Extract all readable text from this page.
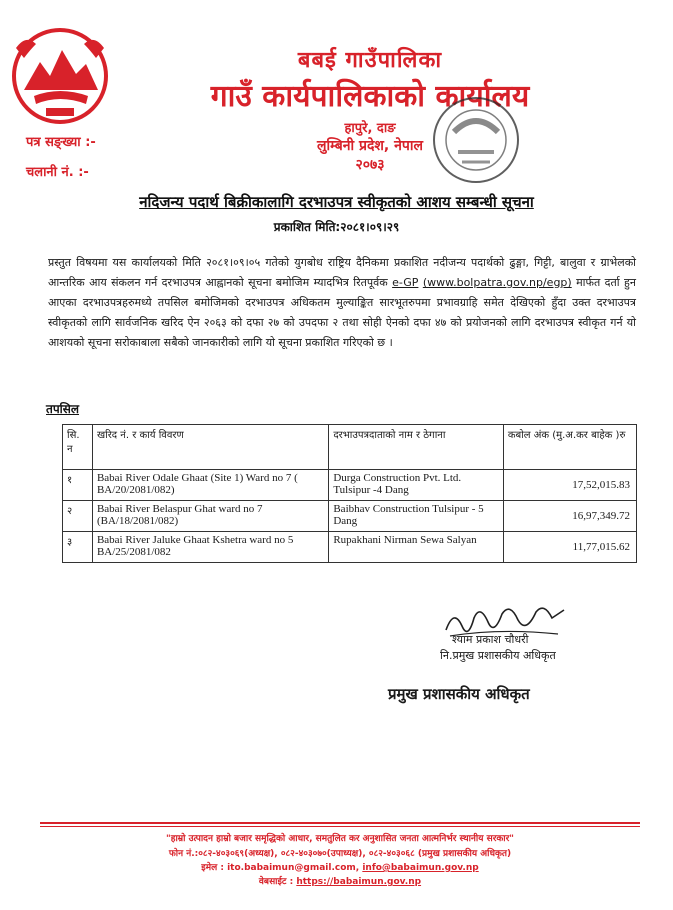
बबई गाउँपालिका
गाउँ कार्यपालिकाको कार्यालय
हापुरे, दाङ
लुम्बिनी प्रदेश, नेपाल
२०७३
पत्र सङ्ख्या :-
चलानी नं. :-
नदिजन्य पदार्थ बिक्रीकालागि दरभाउपत्र स्वीकृतको आशय सम्बन्धी सूचना
प्रकाशित मिति:२०८१।०९।२९
प्रस्तुत विषयमा यस कार्यालयको मिति २०८१।०९।०५ गतेको युगबोध राष्ट्रिय दैनिकमा प्रकाशित नदीजन्य पदार्थको ढुङ्गा, गिट्टी, बालुवा र ग्राभेलको आन्तरिक आय संकलन गर्न दरभाउपत्र आह्वानको सूचना बमोजिम म्यादभित्र रितपूर्वक e-GP (www.bolpatra.gov.np/egp) मार्फत दर्ता हुन आएका दरभाउपत्रहरुमध्ये तपसिल बमोजिमको दरभाउपत्र अधिकतम मुल्याङ्कित सारभूतरुपमा प्रभावग्राहि समेत देखिएको हुँदा उक्त दरभाउपत्र स्वीकृतको लागि सार्वजनिक खरिद ऐन २०६३ को दफा २७ को उपदफा २ तथा सोही ऐनको दफा ४७ को प्रयोजनको लागि दरभाउपत्र स्वीकृत गर्न यो आशयको सूचना सरोकाबाला सबैको जानकारीको लागि यो सूचना प्रकाशित गरिएको छ ।
तपसिल
सि. न	खरिद नं. र कार्य विवरण	दरभाउपत्रदाताको नाम र ठेगाना	कबोल अंक (मु.अ.कर बाहेक )रु
१	Babai River Odale Ghaat (Site 1) Ward no 7 ( BA/20/2081/082)	Durga Construction Pvt. Ltd. Tulsipur -4 Dang	17,52,015.83
२	Babai River Belaspur Ghat ward no 7 (BA/18/2081/082)	Baibhav Construction Tulsipur - 5 Dang	16,97,349.72
३	Babai River Jaluke Ghaat Kshetra ward no 5 BA/25/2081/082	Rupakhani Nirman Sewa Salyan	11,77,015.62
श्याम प्रकाश चौधरी
नि.प्रमुख प्रशासकीय अधिकृत
प्रमुख प्रशासकीय अधिकृत
"हाम्रो उत्पादन हाम्रो बजार समृद्धिको आधार, समतुलित कर अनुशासित जनता आत्मनिर्भर स्थानीय सरकार"
फोन नं.:०८२-४०३०६९(अध्यक्ष), ०८२-४०३०७०(उपाध्यक्ष), ०८२-४०३०६८ (प्रमुख प्रशासकीय अधिकृत)
इमेल : ito.babaimun@gmail.com, info@babaimun.gov.np
वेबसाईट : https://babaimun.gov.np
